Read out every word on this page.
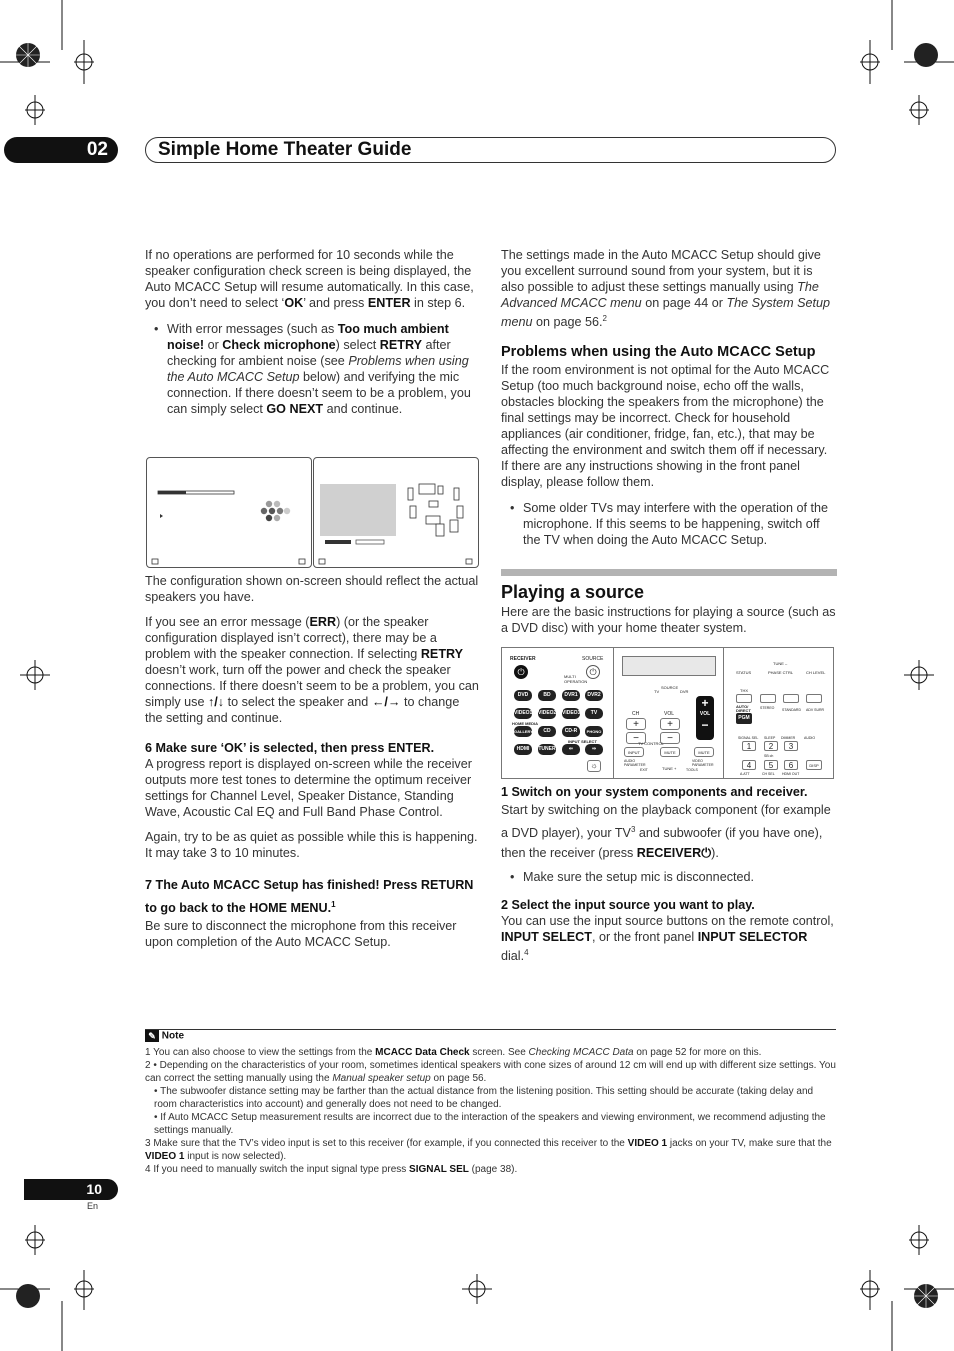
02	Simple Home Theater Guide

If no operations are performed for 10 seconds while the speaker configuration check screen is being displayed, the Auto MCACC Setup will resume automatically. In this case, you don’t need to select ‘OK’ and press ENTER in step 6.

• With error messages (such as Too much ambient noise! or Check microphone) select RETRY after checking for ambient noise (see Problems when using the Auto MCACC Setup below) and verifying the mic connection. If there doesn’t seem to be a problem, you can simply select GO NEXT and continue.

The configuration shown on-screen should reflect the actual speakers you have.

If you see an error message (ERR) (or the speaker configuration displayed isn’t correct), there may be a problem with the speaker connection. If selecting RETRY doesn’t work, turn off the power and check the speaker connections. If there doesn’t seem to be a problem, you can simply use ↑/↓ to select the speaker and ←/→ to change the setting and continue.

6 Make sure ‘OK’ is selected, then press ENTER.

A progress report is displayed on-screen while the receiver outputs more test tones to determine the optimum receiver settings for Channel Level, Speaker Distance, Standing Wave, Acoustic Cal EQ and Full Band Phase Control.

Again, try to be as quiet as possible while this is happening. It may take 3 to 10 minutes.

7 The Auto MCACC Setup has finished! Press RETURN to go back to the HOME MENU.$^1$

Be sure to disconnect the microphone from this receiver upon completion of the Auto MCACC Setup.

The settings made in the Auto MCACC Setup should give you excellent surround sound from your system, but it is also possible to adjust these settings manually using The Advanced MCACC menu on page 44 or The System Setup menu on page 56.$^2$

Problems when using the Auto MCACC Setup

If the room environment is not optimal for the Auto MCACC Setup (too much background noise, echo off the walls, obstacles blocking the speakers from the microphone) the final settings may be incorrect. Check for household appliances (air conditioner, fridge, fan, etc.), that may be affecting the environment and switch them off if necessary. If there are any instructions showing in the front panel display, please follow them.

• Some older TVs may interfere with the operation of the microphone. If this seems to be happening, switch off the TV when doing the Auto MCACC Setup.

Playing a source

Here are the basic instructions for playing a source (such as a DVD disc) with your home theater system.

RECEIVER
⏻
SOURCE
⏻
MULTI OPERATION
DVD	BD	DVR1	DVR2
VIDEO1 VIDEO2 VIDEO3	TV
HOME MEDIA
GALLERY	CD	CD-R	PHONO
INPUT SELECT
HDMI	TUNER	⇐	⇒
☼
TV
SOURCE
DVR
CH
+
−
VOL
+
−
+

VOL
−
TV CONTROL
INPUT	MUTE	MUTE
AUDIO PARAMETER
VIDEO PARAMETER
EXIT	TOOLS
TUNE +
TUNE –
STATUS	PHASE CTRL	CH LEVEL
THX
AUTO/ DIRECT	STEREO STANDARD ADV SURR
PGM
SIGNAL SEL SLEEP DIMMER	AUDIO
1	2	3
SB ch
4	5	6	DISP
A.ATT	CH SEL HDMI OUT

1 Switch on your system components and receiver.

Start by switching on the playback component (for example a DVD player), your $TV^3$ and subwoofer (if you have one), then the receiver (press RECEIVER⏻).

• Make sure the setup mic is disconnected.

2 Select the input source you want to play.

You can use the input source buttons on the remote control, INPUT SELECT, or the front panel INPUT SELECTOR dial.$^4$

✎ Note

1 You can also choose to view the settings from the MCACC Data Check screen. See Checking MCACC Data on page 52 for more on this.

2 • Depending on the characteristics of your room, sometimes identical speakers with cone sizes of around 12 cm will end up with different size settings. You can correct the setting manually using the Manual speaker setup on page 56.

• The subwoofer distance setting may be farther than the actual distance from the listening position. This setting should be accurate (taking delay and room characteristics into account) and generally does not need to be changed.

• If Auto MCACC Setup measurement results are incorrect due to the interaction of the speakers and viewing environment, we recommend adjusting the settings manually.

3 Make sure that the TV’s video input is set to this receiver (for example, if you connected this receiver to the VIDEO 1 jacks on your TV, make sure that the VIDEO 1 input is now selected).

4 If you need to manually switch the input signal type press SIGNAL SEL (page 38).

10
En
